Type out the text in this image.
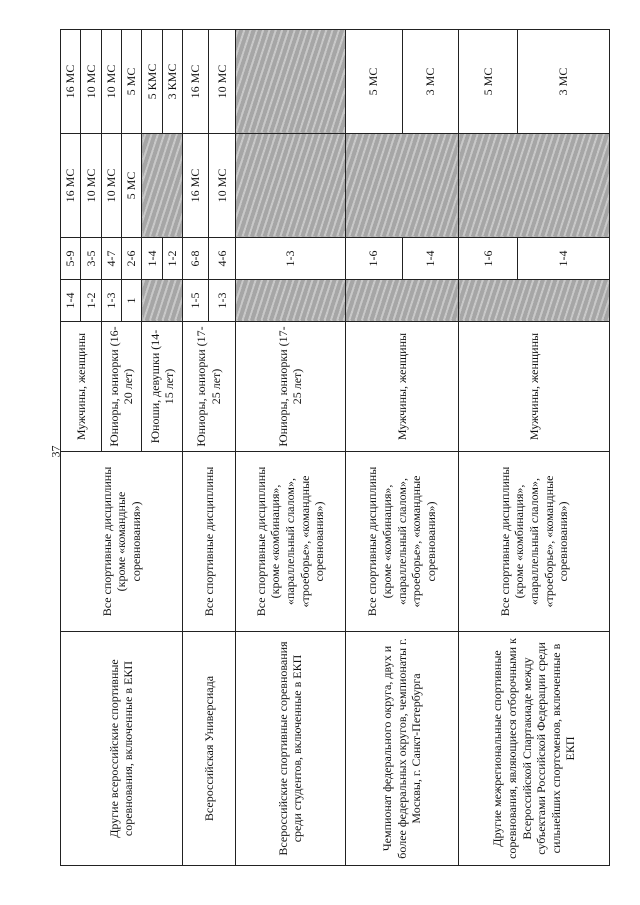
37
Другие всероссийские спортивные соревнования, включенные в ЕКП	Все спортивные дисциплины (кроме «командные соревнования»)	Мужчины, женщины	1-4	5-9	16 МС	16 МС
			1-2	3-5	10 МС	10 МС
		Юниоры, юниорки (16-20 лет)	1-3	4-7	10 МС	10 МС
			1	2-6	5 МС	5 МС
		Юноши, девушки (14-15 лет)		1-4		5 КМС
				1-2		3 КМС
Всероссийская Универсиада	Все спортивные дисциплины	Юниоры, юниорки (17-25 лет)	1-5	6-8	16 МС	16 МС
			1-3	4-6	10 МС	10 МС
Всероссийские спортивные соревнования среди студентов, включенные в ЕКП	Все спортивные дисциплины (кроме «комбинация», «параллельный слалом», «троеборье», «командные соревнования»)	Юниоры, юниорки (17-25 лет)		1-3		
Чемпионат федерального округа, двух и более федеральных округов, чемпионаты г. Москвы, г. Санкт-Петербурга	Все спортивные дисциплины (кроме «комбинация», «параллельный слалом», «троеборье», «командные соревнования»)	Мужчины, женщины		1-6		5 МС
				1-4		3 МС
Другие межрегиональные спортивные соревнования, являющиеся отборочными к Всероссийской Спартакиаде между субъектами Российской Федерации среди сильнейших спортсменов, включенные в ЕКП	Все спортивные дисциплины (кроме «комбинация», «параллельный слалом», «троеборье», «командные соревнования»)	Мужчины, женщины		1-6		5 МС
				1-4		3 МС
